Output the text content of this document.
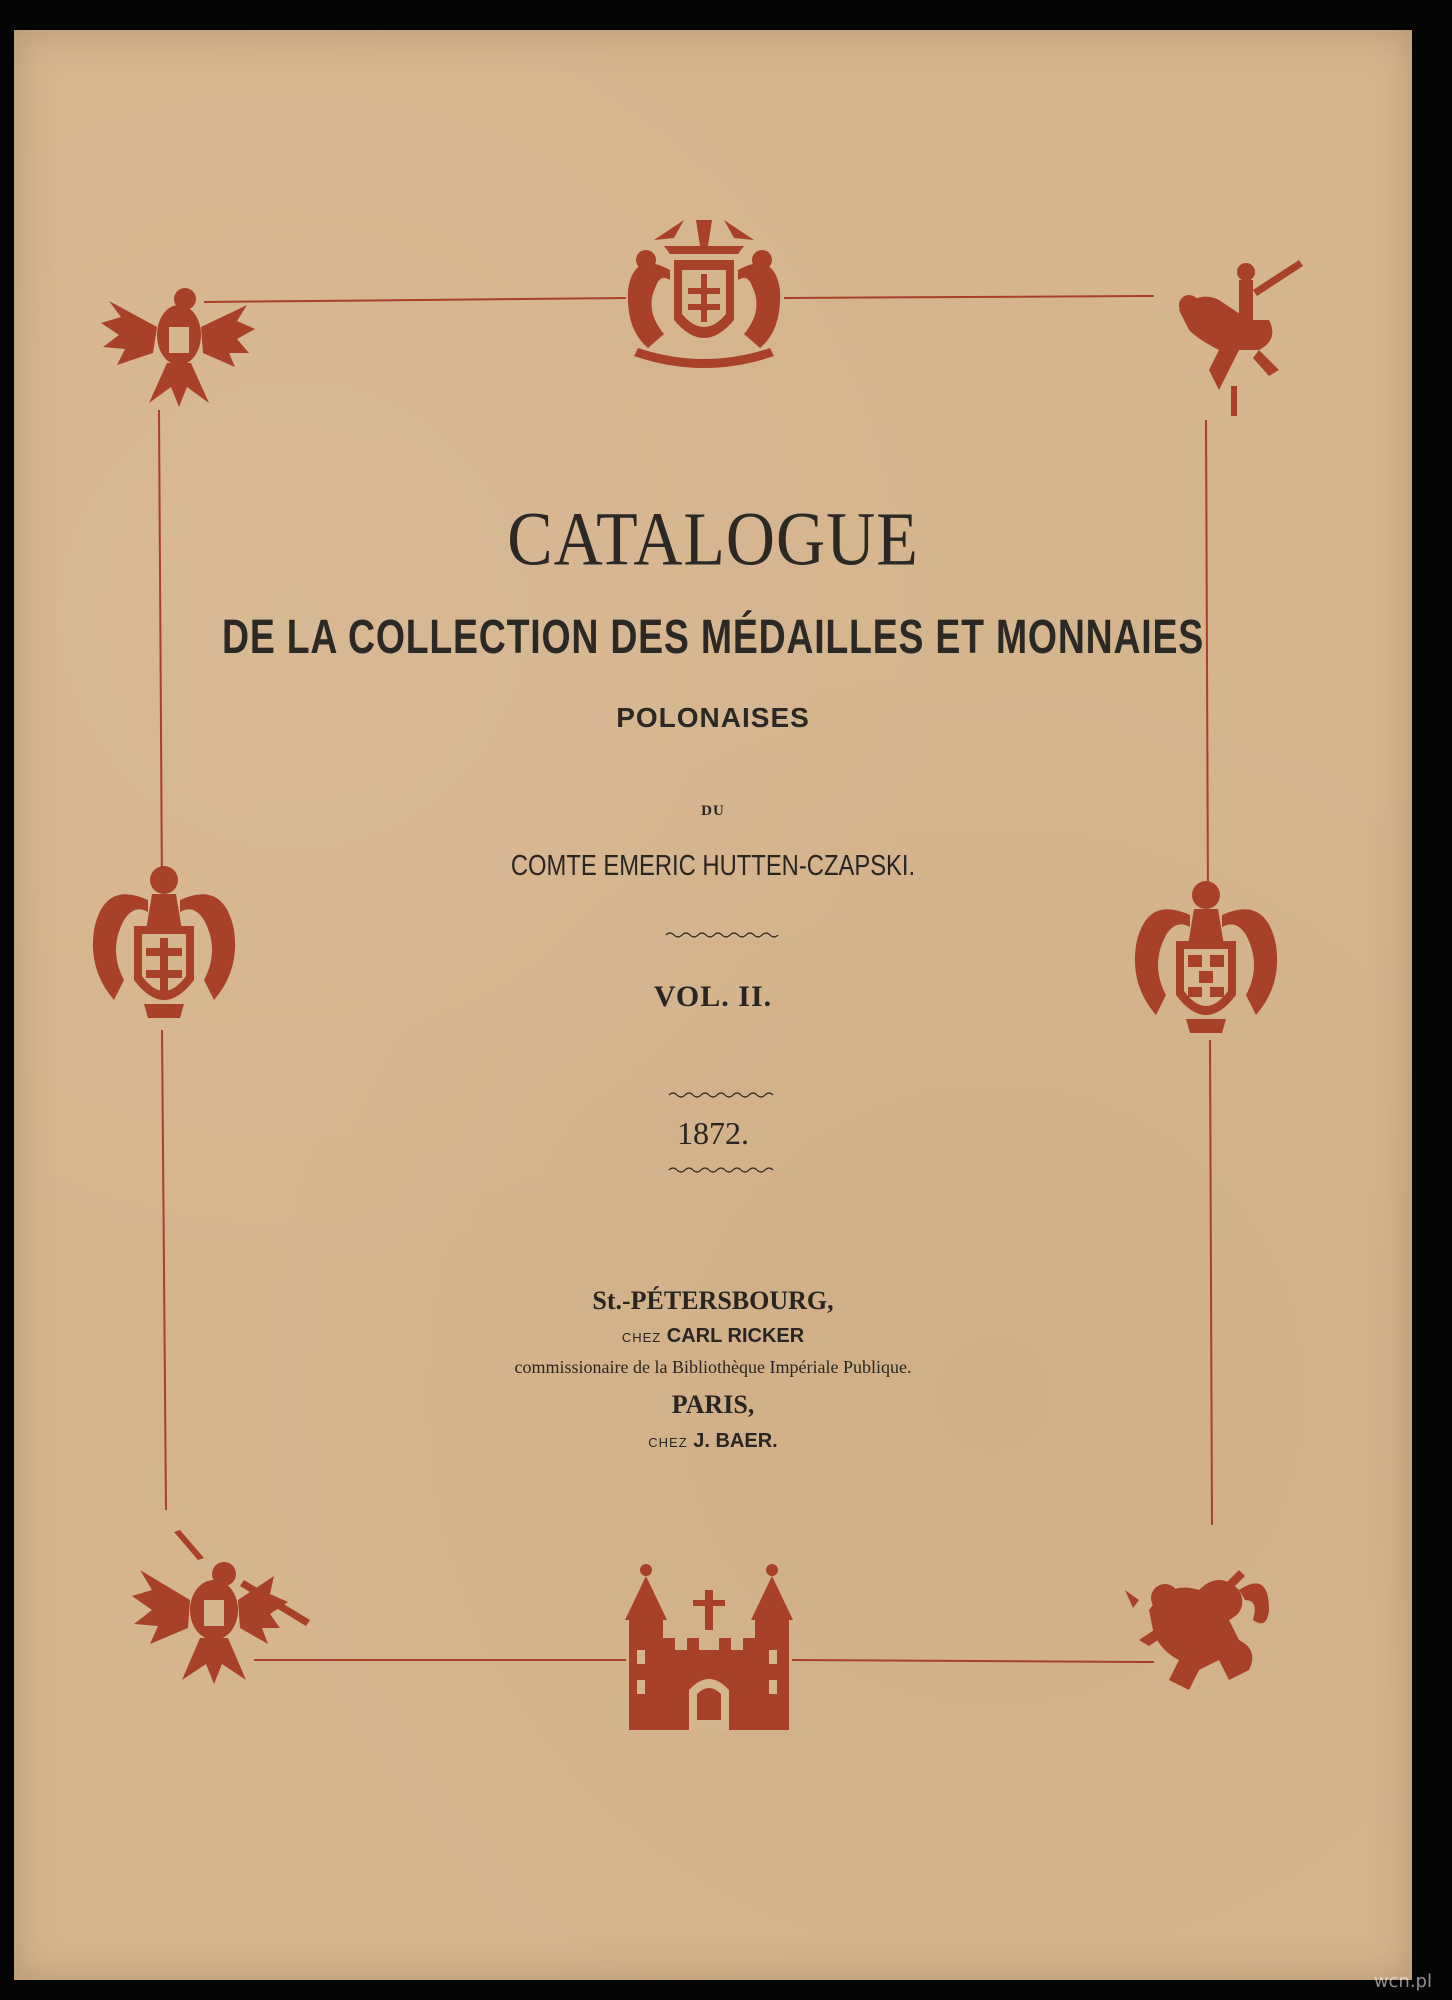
CATALOGUE
DE LA COLLECTION DES MÉDAILLES ET MONNAIES
POLONAISES
DU
COMTE EMERIC HUTTEN-CZAPSKI.
VOL. II.
1872.
St.-PÉTERSBOURG,
CHEZ CARL RICKER
commissionaire de la Bibliothèque Impériale Publique.
PARIS,
CHEZ J. BAER.
wcn.pl
